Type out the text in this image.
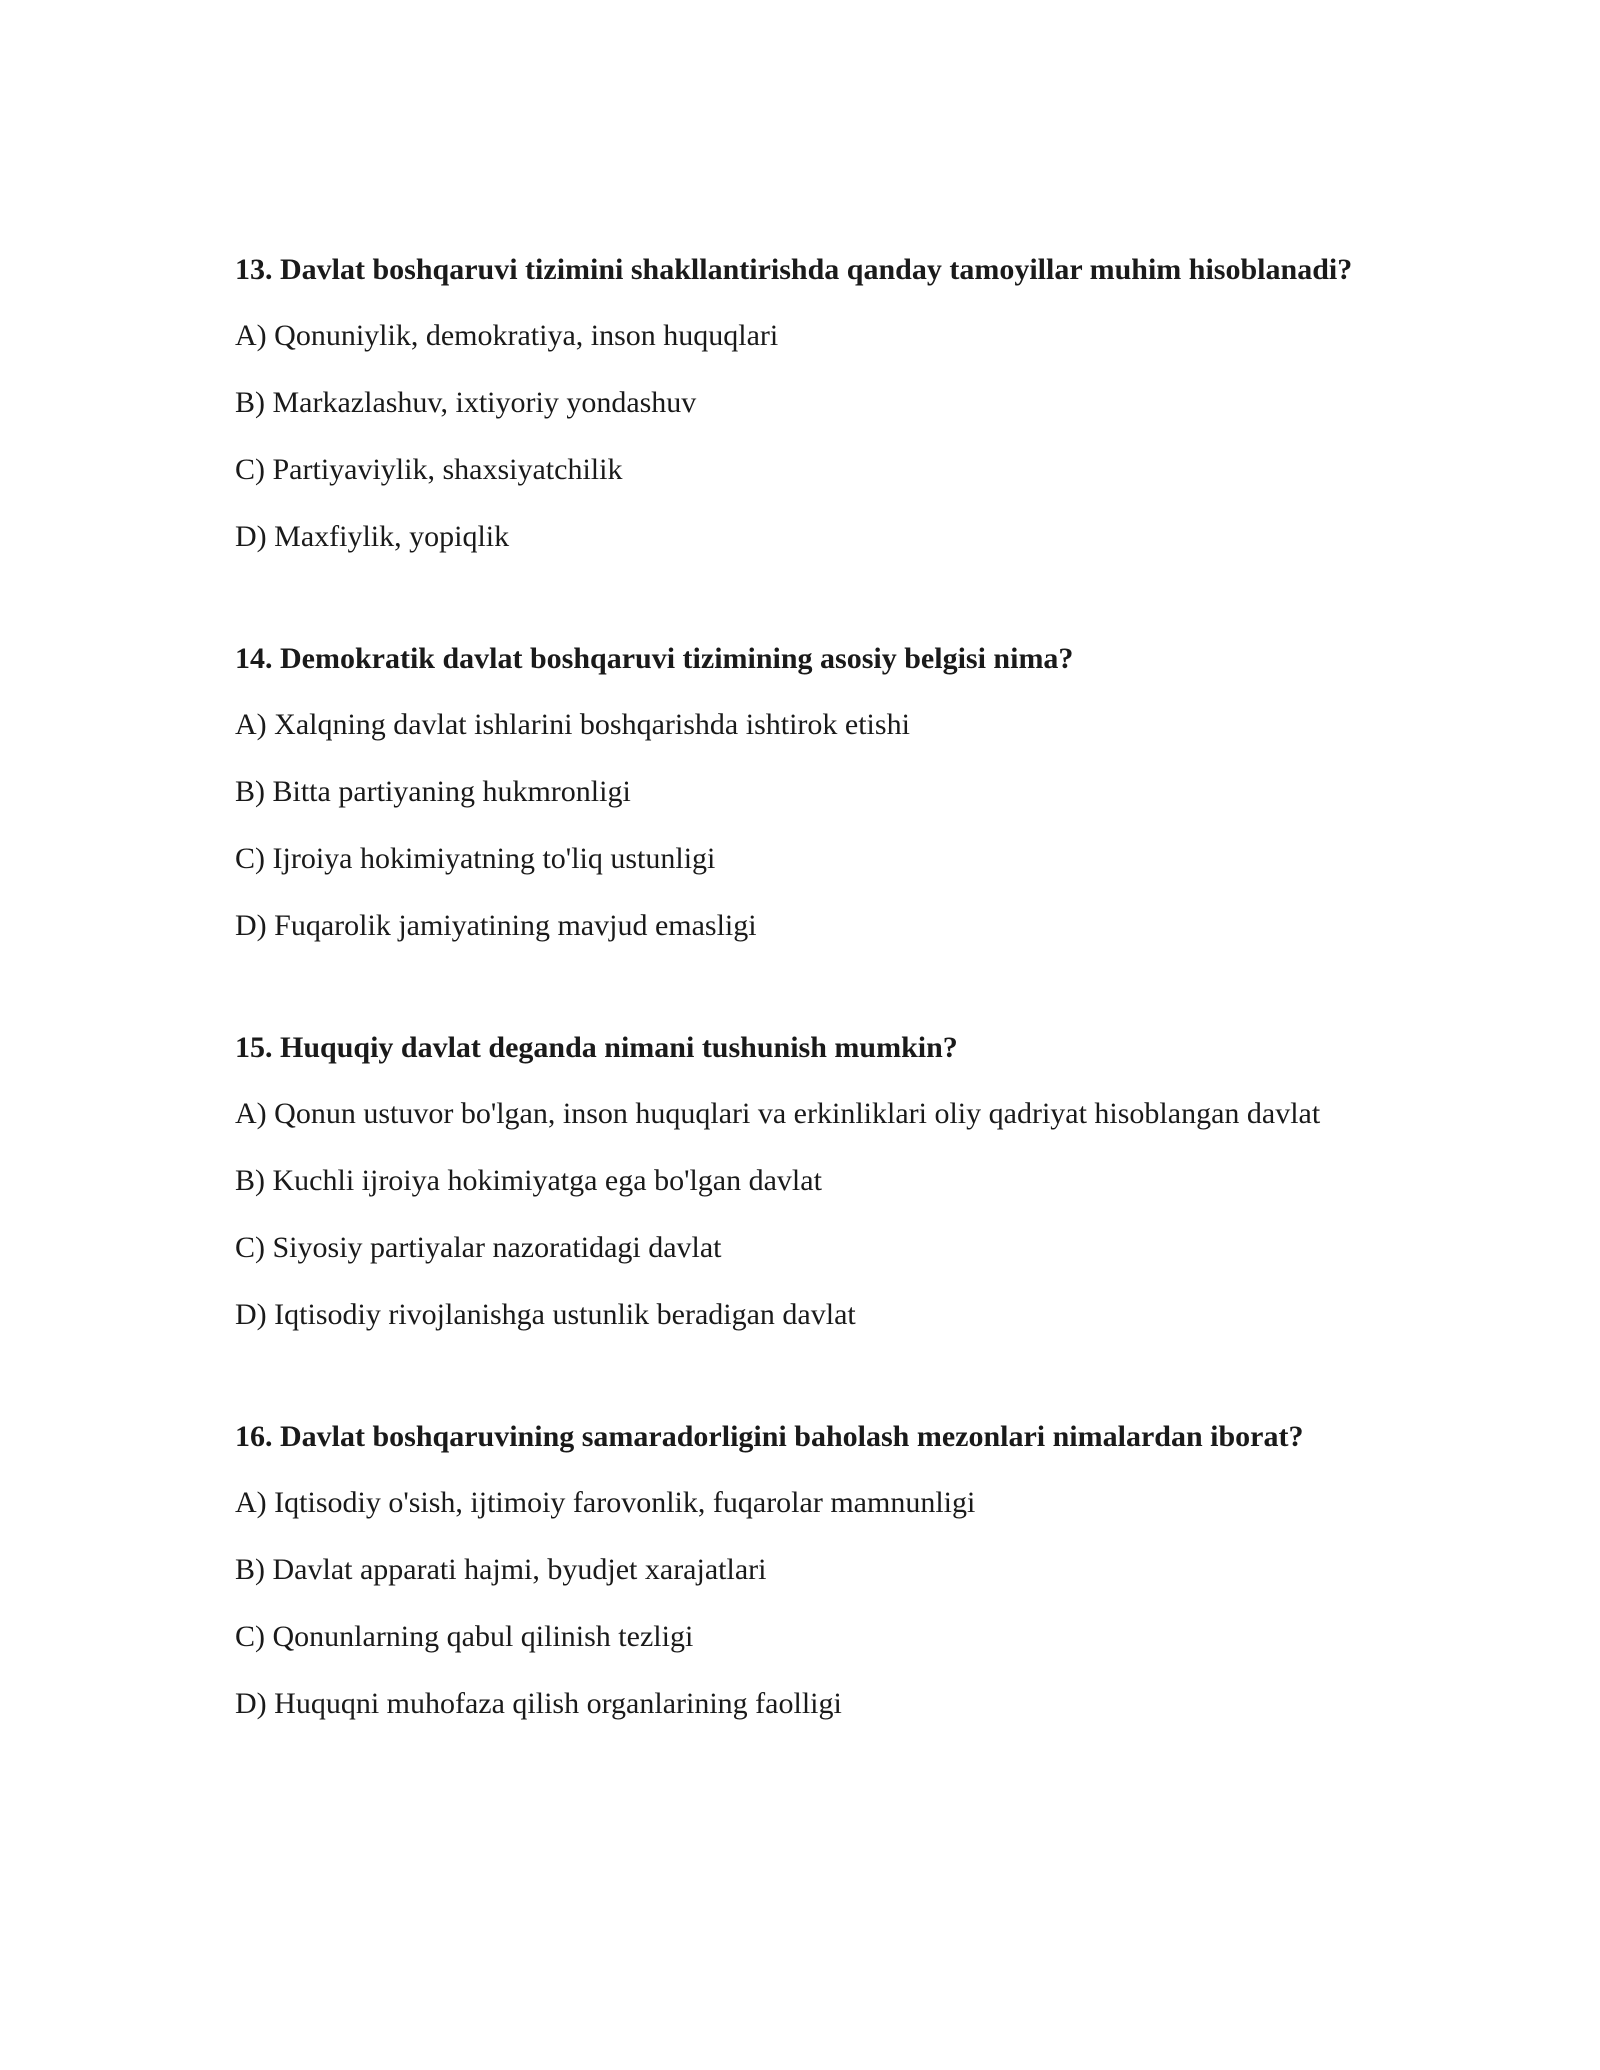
13. Davlat boshqaruvi tizimini shakllantirishda qanday tamoyillar muhim hisoblanadi?

A) Qonuniylik, demokratiya, inson huquqlari

B) Markazlashuv, ixtiyoriy yondashuv

C) Partiyaviylik, shaxsiyatchilik

D) Maxfiylik, yopiqlik

14. Demokratik davlat boshqaruvi tizimining asosiy belgisi nima?

A) Xalqning davlat ishlarini boshqarishda ishtirok etishi

B) Bitta partiyaning hukmronligi

C) Ijroiya hokimiyatning to'liq ustunligi

D) Fuqarolik jamiyatining mavjud emasligi

15. Huquqiy davlat deganda nimani tushunish mumkin?

A) Qonun ustuvor bo'lgan, inson huquqlari va erkinliklari oliy qadriyat hisoblangan davlat

B) Kuchli ijroiya hokimiyatga ega bo'lgan davlat

C) Siyosiy partiyalar nazoratidagi davlat

D) Iqtisodiy rivojlanishga ustunlik beradigan davlat

16. Davlat boshqaruvining samaradorligini baholash mezonlari nimalardan iborat?

A) Iqtisodiy o'sish, ijtimoiy farovonlik, fuqarolar mamnunligi

B) Davlat apparati hajmi, byudjet xarajatlari

C) Qonunlarning qabul qilinish tezligi

D) Huquqni muhofaza qilish organlarining faolligi
